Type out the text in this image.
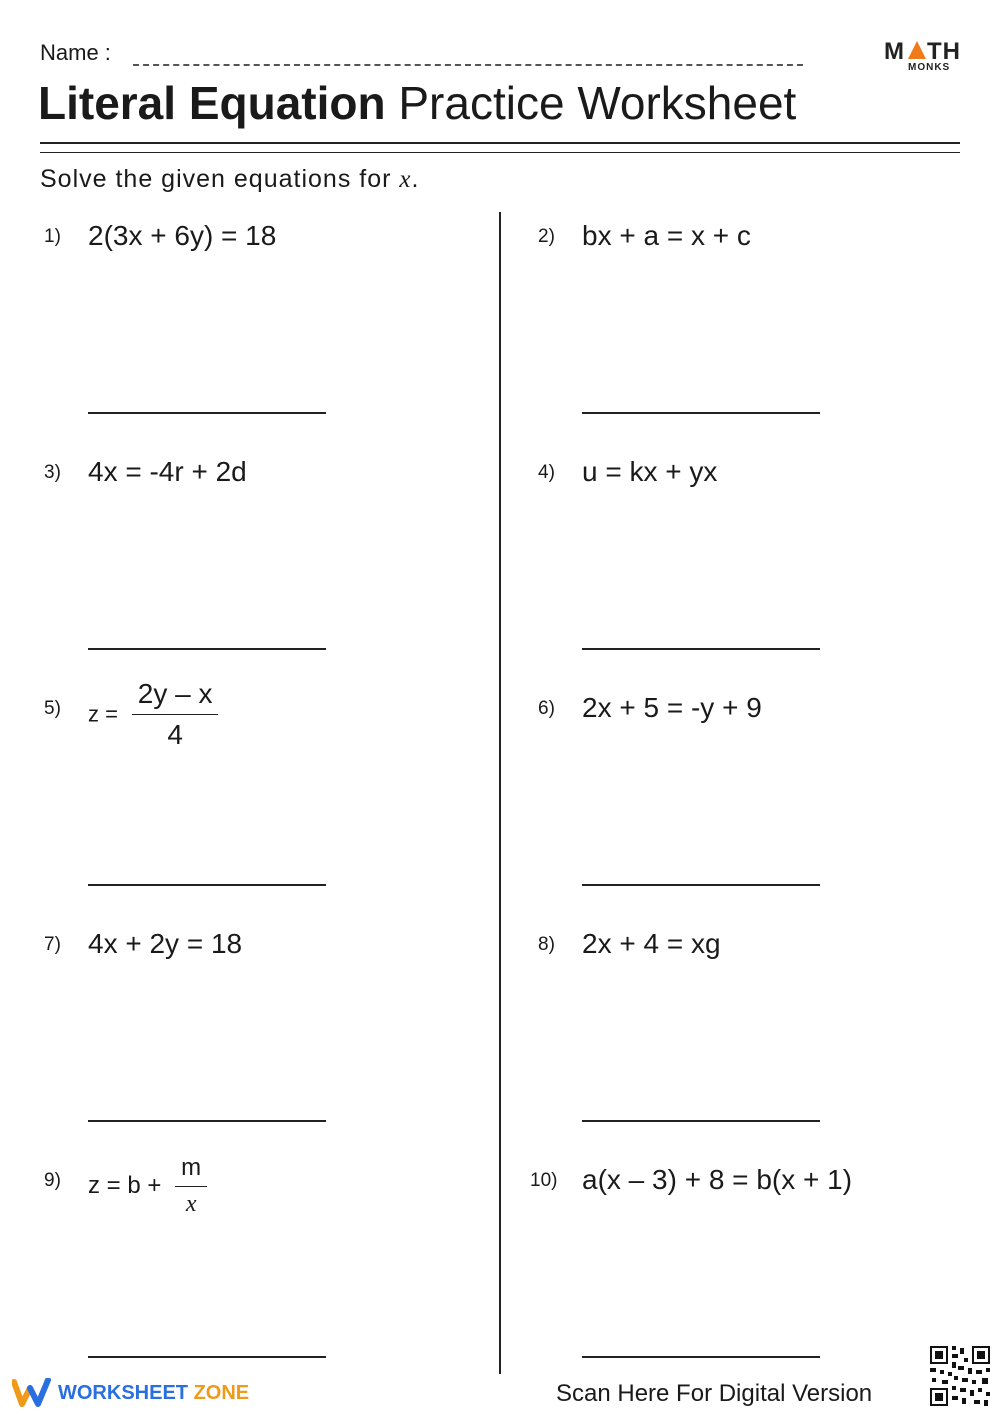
Name :	M TH
MONKS
Literal Equation Practice Worksheet
Solve the given equations for x.
1) 2(3x + 6y) = 18	2) bx + a = x + c
3) 4x = -4r + 2d	4) u = kx + yx
5) $z = \frac{2y - x}{4}$	6) 2x + 5 = -y + 9
7) 4x + 2y = 18	8) 2x + 4 = xg
9) $z = b + \frac{m}{x}$	10) a(x – 3) + 8 = b(x + 1)
WORKSHEET ZONE	Scan Here For Digital Version
